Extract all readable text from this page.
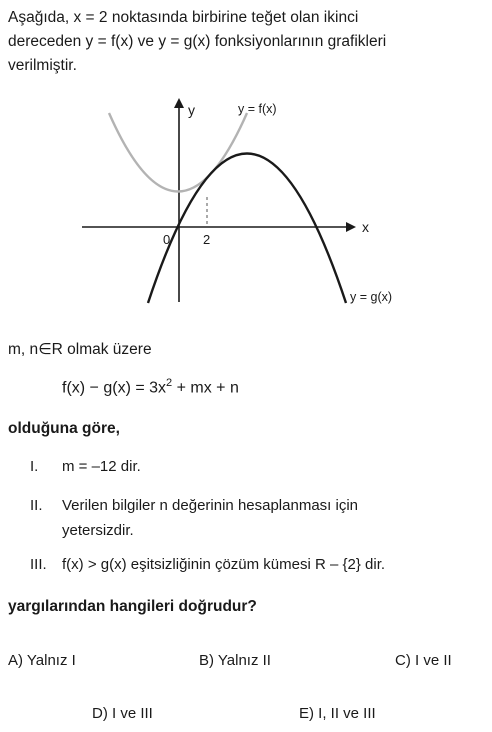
Aşağıda, x = 2 noktasında birbirine teğet olan ikinci
dereceden y = f(x) ve y = g(x) fonksiyonlarının grafikleri
verilmiştir.
y
x
y = f(x)
y = g(x)
0	2
m, n∈R olmak üzere
$f(x) - g(x) = 3x^2$ + mx + n
olduğuna göre,
I. m = –12 dir.
II. Verilen bilgiler n değerinin hesaplanması için
yetersizdir.
III. f(x) > g(x) eşitsizliğinin çözüm kümesi R – {2} dir.
yargılarından hangileri doğrudur?
A) Yalnız I	B) Yalnız II	C) I ve II
D) I ve III	E) I, II ve III
